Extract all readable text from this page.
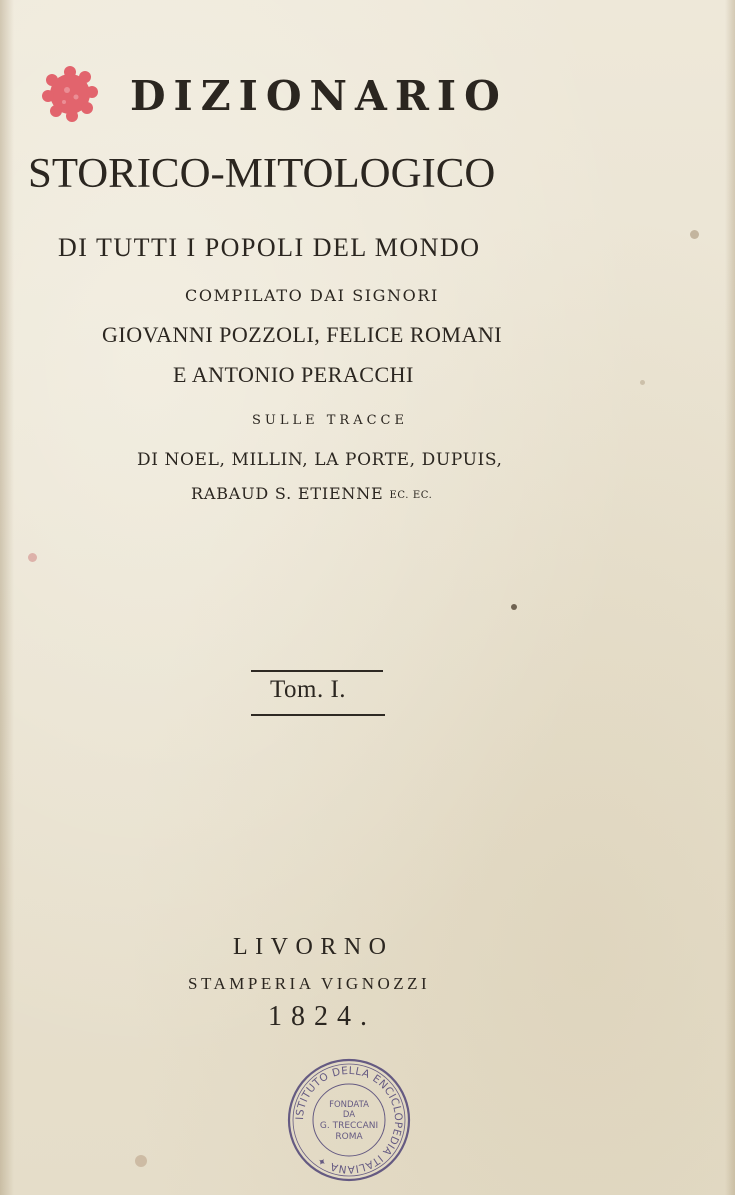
DIZIONARIO
STORICO-MITOLOGICO
DI TUTTI I POPOLI DEL MONDO
COMPILATO DAI SIGNORI
GIOVANNI POZZOLI, FELICE ROMANI
E ANTONIO PERACCHI
SULLE TRACCE
DI NOEL, MILLIN, LA PORTE, DUPUIS,
RABAUD S. ETIENNE EC. EC.
Tom. I.
LIVORNO
STAMPERIA VIGNOZZI
1824.
ISTITUTO DELLA ENCICLOPEDIA ITALIANA ✦
FONDATA
DA
G. TRECCANI
ROMA
